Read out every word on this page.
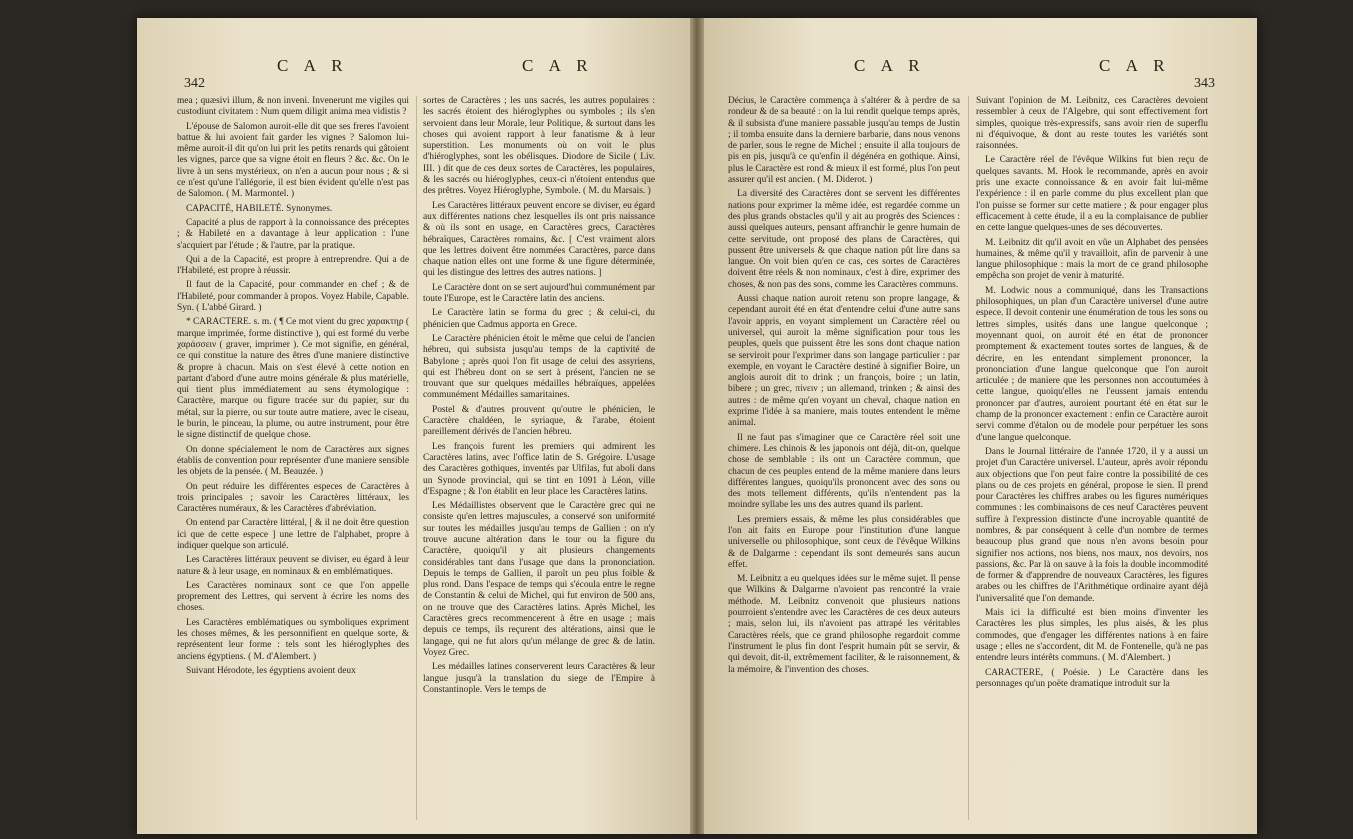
342
C A R	C A R

mea ; quæsivi illum, & non inveni. Invenerunt me vigiles qui custodiunt civitatem : Num quem diligit anima mea vidistis ?

L'épouse de Salomon auroit-elle dit que ses freres l'avoient battue & lui avoient fait garder les vignes ? Salomon lui-même auroit-il dit qu'on lui prit les petits renards qui gâtoient les vignes, parce que sa vigne étoit en fleurs ? &c. &c. On le livre à un sens mystérieux, on n'en a aucun pour nous ; & si ce n'est qu'une l'allégorie, il est bien évident qu'elle n'est pas de Salomon. ( M. Marmontel. )

CAPACITÉ, HABILETÉ. Synonymes.

Capacité a plus de rapport à la connoissance des préceptes ; & Habileté en a davantage à leur application : l'une s'acquiert par l'étude ; & l'autre, par la pratique.

Qui a de la Capacité, est propre à entreprendre. Qui a de l'Habileté, est propre à réussir.

Il faut de la Capacité, pour commander en chef ; & de l'Habileté, pour commander à propos. Voyez Habile, Capable. Syn. ( L'abbé Girard. )

* CARACTERE. s. m. ( ¶ Ce mot vient du grec χαρακτηρ ( marque imprimée, forme distinctive ), qui est formé du verbe χαράσσειν ( graver, imprimer ). Ce mot signifie, en général, ce qui constitue la nature des êtres d'une maniere distinctive & propre à chacun. Mais on s'est élevé à cette notion en partant d'abord d'une autre moins générale & plus matérielle, qui tient plus immédiatement au sens étymologique : Caractère, marque ou figure tracée sur du papier, sur du métal, sur la pierre, ou sur toute autre matiere, avec le ciseau, le burin, le pinceau, la plume, ou autre instrument, pour être le signe distinctif de quelque chose.

On donne spécialement le nom de Caractères aux signes établis de convention pour représenter d'une maniere sensible les objets de la pensée. ( M. Beauzée. )

On peut réduire les différentes especes de Caractères à trois principales ; savoir les Caractères littéraux, les Caractères numéraux, & les Caractères d'abréviation.

On entend par Caractère littéral, [ & il ne doit être question ici que de cette espece ] une lettre de l'alphabet, propre à indiquer quelque son articulé.

Les Caractères littéraux peuvent se diviser, eu égard à leur nature & à leur usage, en nominaux & en emblématiques.

Les Caractères nominaux sont ce que l'on appelle proprement des Lettres, qui servent à écrire les noms des choses.

Les Caractères emblématiques ou symboliques expriment les choses mêmes, & les personnifient en quelque sorte, & représentent leur forme : tels sont les hiéroglyphes des anciens égyptiens. ( M. d'Alembert. )

Suivant Hérodote, les égyptiens avoient deux

sortes de Caractères ; les uns sacrés, les autres populaires : les sacrés étoient des hiéroglyphes ou symboles ; ils s'en servoient dans leur Morale, leur Politique, & surtout dans les choses qui avoient rapport à leur fanatisme & à leur superstition. Les monuments où on voit le plus d'hiéroglyphes, sont les obélisques. Diodore de Sicile ( Liv. III. ) dit que de ces deux sortes de Caractères, les populaires, & les sacrés ou hiéroglyphes, ceux-ci n'étoient entendus que des prêtres. Voyez Hiéroglyphe, Symbole. ( M. du Marsais. )

Les Caractères littéraux peuvent encore se diviser, eu égard aux différentes nations chez lesquelles ils ont pris naissance & où ils sont en usage, en Caractères grecs, Caractères hébraïques, Caractères romains, &c. [ C'est vraiment alors que les lettres doivent être nommées Caractères, parce dans chaque nation elles ont une forme & une figure déterminée, qui les distingue des lettres des autres nations. ]

Le Caractère dont on se sert aujourd'hui communément par toute l'Europe, est le Caractère latin des anciens.

Le Caractère latin se forma du grec ; & celui-ci, du phénicien que Cadmus apporta en Grece.

Le Caractère phénicien étoit le même que celui de l'ancien hébreu, qui subsista jusqu'au temps de la captivité de Babylone ; après quoi l'on fit usage de celui des assyriens, qui est l'hébreu dont on se sert à présent, l'ancien ne se trouvant que sur quelques médailles hébraïques, appelées communément Médailles samaritaines.

Postel & d'autres prouvent qu'outre le phénicien, le Caractère chaldéen, le syriaque, & l'arabe, étoient pareillement dérivés de l'ancien hébreu.

Les françois furent les premiers qui admirent les Caractères latins, avec l'office latin de S. Grégoire. L'usage des Caractères gothiques, inventés par Ulfilas, fut aboli dans un Synode provincial, qui se tint en 1091 à Léon, ville d'Espagne ; & l'on établit en leur place les Caractères latins.

Les Médaillistes observent que le Caractère grec qui ne consiste qu'en lettres majuscules, a conservé son uniformité sur toutes les médailles jusqu'au temps de Gallien : on n'y trouve aucune altération dans le tour ou la figure du Caractère, quoiqu'il y ait plusieurs changements considérables tant dans l'usage que dans la prononciation. Depuis le temps de Gallien, il paroît un peu plus foible & plus rond. Dans l'espace de temps qui s'écoula entre le regne de Constantin & celui de Michel, qui fut environ de 500 ans, on ne trouve que des Caractères latins. Après Michel, les Caractères grecs recommencerent à être en usage ; mais depuis ce temps, ils reçurent des altérations, ainsi que le langage, qui ne fut alors qu'un mélange de grec & de latin. Voyez Grec.

Les médailles latines conserverent leurs Caractères & leur langue jusqu'à la translation du siege de l'Empire à Constantinople. Vers le temps de

C A R	C A R
343

Décius, le Caractère commença à s'altérer & à perdre de sa rondeur & de sa beauté : on la lui rendit quelque temps après, & il subsista d'une maniere passable jusqu'au temps de Justin ; il tomba ensuite dans la derniere barbarie, dans nous venons de parler, sous le regne de Michel ; ensuite il alla toujours de pis en pis, jusqu'à ce qu'enfin il dégénéra en gothique. Ainsi, plus le Caractère est rond & mieux il est formé, plus l'on peut assurer qu'il est ancien. ( M. Diderot. )

La diversité des Caractères dont se servent les différentes nations pour exprimer la même idée, est regardée comme un des plus grands obstacles qu'il y ait au progrès des Sciences : aussi quelques auteurs, pensant affranchir le genre humain de cette servitude, ont proposé des plans de Caractères, qui pussent être universels & que chaque nation pût lire dans sa langue. On voit bien qu'en ce cas, ces sortes de Caractères doivent être réels & non nominaux, c'est à dire, exprimer des choses, & non pas des sons, comme les Caractères communs.

Aussi chaque nation auroit retenu son propre langage, & cependant auroit été en état d'entendre celui d'une autre sans l'avoir appris, en voyant simplement un Caractère réel ou universel, qui auroit la même signification pour tous les peuples, quels que puissent être les sons dont chaque nation se serviroit pour l'exprimer dans son langage particulier : par exemple, en voyant le Caractère destiné à signifier Boire, un anglois auroit dit to drink ; un françois, boire ; un latin, bibere ; un grec, πίνειν ; un allemand, trinken ; & ainsi des autres : de même qu'en voyant un cheval, chaque nation en exprime l'idée à sa maniere, mais toutes entendent le même animal.

Il ne faut pas s'imaginer que ce Caractère réel soit une chimere. Les chinois & les japonois ont déjà, dit-on, quelque chose de semblable : ils ont un Caractère commun, que chacun de ces peuples entend de la même maniere dans leurs différentes langues, quoiqu'ils prononcent avec des sons ou des mots tellement différents, qu'ils n'entendent pas la moindre syllabe les uns des autres quand ils parlent.

Les premiers essais, & même les plus considérables que l'on ait faits en Europe pour l'institution d'une langue universelle ou philosophique, sont ceux de l'évêque Wilkins & de Dalgarme : cependant ils sont demeurés sans aucun effet.

M. Leibnitz a eu quelques idées sur le même sujet. Il pense que Wilkins & Dalgarme n'avoient pas rencontré la vraie méthode. M. Leibnitz convenoit que plusieurs nations pourroient s'entendre avec les Caractères de ces deux auteurs ; mais, selon lui, ils n'avoient pas attrapé les véritables Caractères réels, que ce grand philosophe regardoit comme l'instrument le plus fin dont l'esprit humain pût se servir, & qui devoit, dit-il, extrêmement faciliter, & le raisonnement, & la mémoire, & l'invention des choses.

Suivant l'opinion de M. Leibnitz, ces Caractères devoient ressembler à ceux de l'Algebre, qui sont effectivement fort simples, quoique très-expressifs, sans avoir rien de superflu ni d'équivoque, & dont au reste toutes les variétés sont raisonnées.

Le Caractère réel de l'évêque Wilkins fut bien reçu de quelques savants. M. Hook le recommande, après en avoir pris une exacte connoissance & en avoir fait lui-même l'expérience : il en parle comme du plus excellent plan que l'on puisse se former sur cette matiere ; & pour engager plus efficacement à cette étude, il a eu la complaisance de publier en cette langue quelques-unes de ses découvertes.

M. Leibnitz dit qu'il avoit en vûe un Alphabet des pensées humaines, & même qu'il y travailloit, afin de parvenir à une langue philosophique : mais la mort de ce grand philosophe empêcha son projet de venir à maturité.

M. Lodwic nous a communiqué, dans les Transactions philosophiques, un plan d'un Caractère universel d'une autre espece. Il devoit contenir une énumération de tous les sons ou lettres simples, usités dans une langue quelconque ; moyennant quoi, on auroit été en état de prononcer promptement & exactement toutes sortes de langues, & de décrire, en les entendant simplement prononcer, la prononciation d'une langue quelconque que l'on auroit articulée ; de maniere que les personnes non accoutumées à cette langue, quoiqu'elles ne l'eussent jamais entendu prononcer par d'autres, auroient pourtant été en état sur le champ de la prononcer exactement : enfin ce Caractère auroit servi comme d'étalon ou de modele pour perpétuer les sons d'une langue quelconque.

Dans le Journal littéraire de l'année 1720, il y a aussi un projet d'un Caractère universel. L'auteur, après avoir répondu aux objections que l'on peut faire contre la possibilité de ces plans ou de ces projets en général, propose le sien. Il prend pour Caractères les chiffres arabes ou les figures numériques communes : les combinaisons de ces neuf Caractères peuvent suffire à l'expression distincte d'une incroyable quantité de nombres, & par conséquent à celle d'un nombre de termes beaucoup plus grand que nous n'en avons besoin pour signifier nos actions, nos biens, nos maux, nos devoirs, nos passions, &c. Par là on sauve à la fois la double incommodité de former & d'apprendre de nouveaux Caractères, les figures arabes ou les chiffres de l'Arithmétique ordinaire ayant déjà l'universalité que l'on demande.

Mais ici la difficulté est bien moins d'inventer les Caractères les plus simples, les plus aisés, & les plus commodes, que d'engager les différentes nations à en faire usage ; elles ne s'accordent, dit M. de Fontenelle, qu'à ne pas entendre leurs intérêts communs. ( M. d'Alembert. )

CARACTERE, ( Poésie. ) Le Caractère dans les personnages qu'un poëte dramatique introduit sur la
